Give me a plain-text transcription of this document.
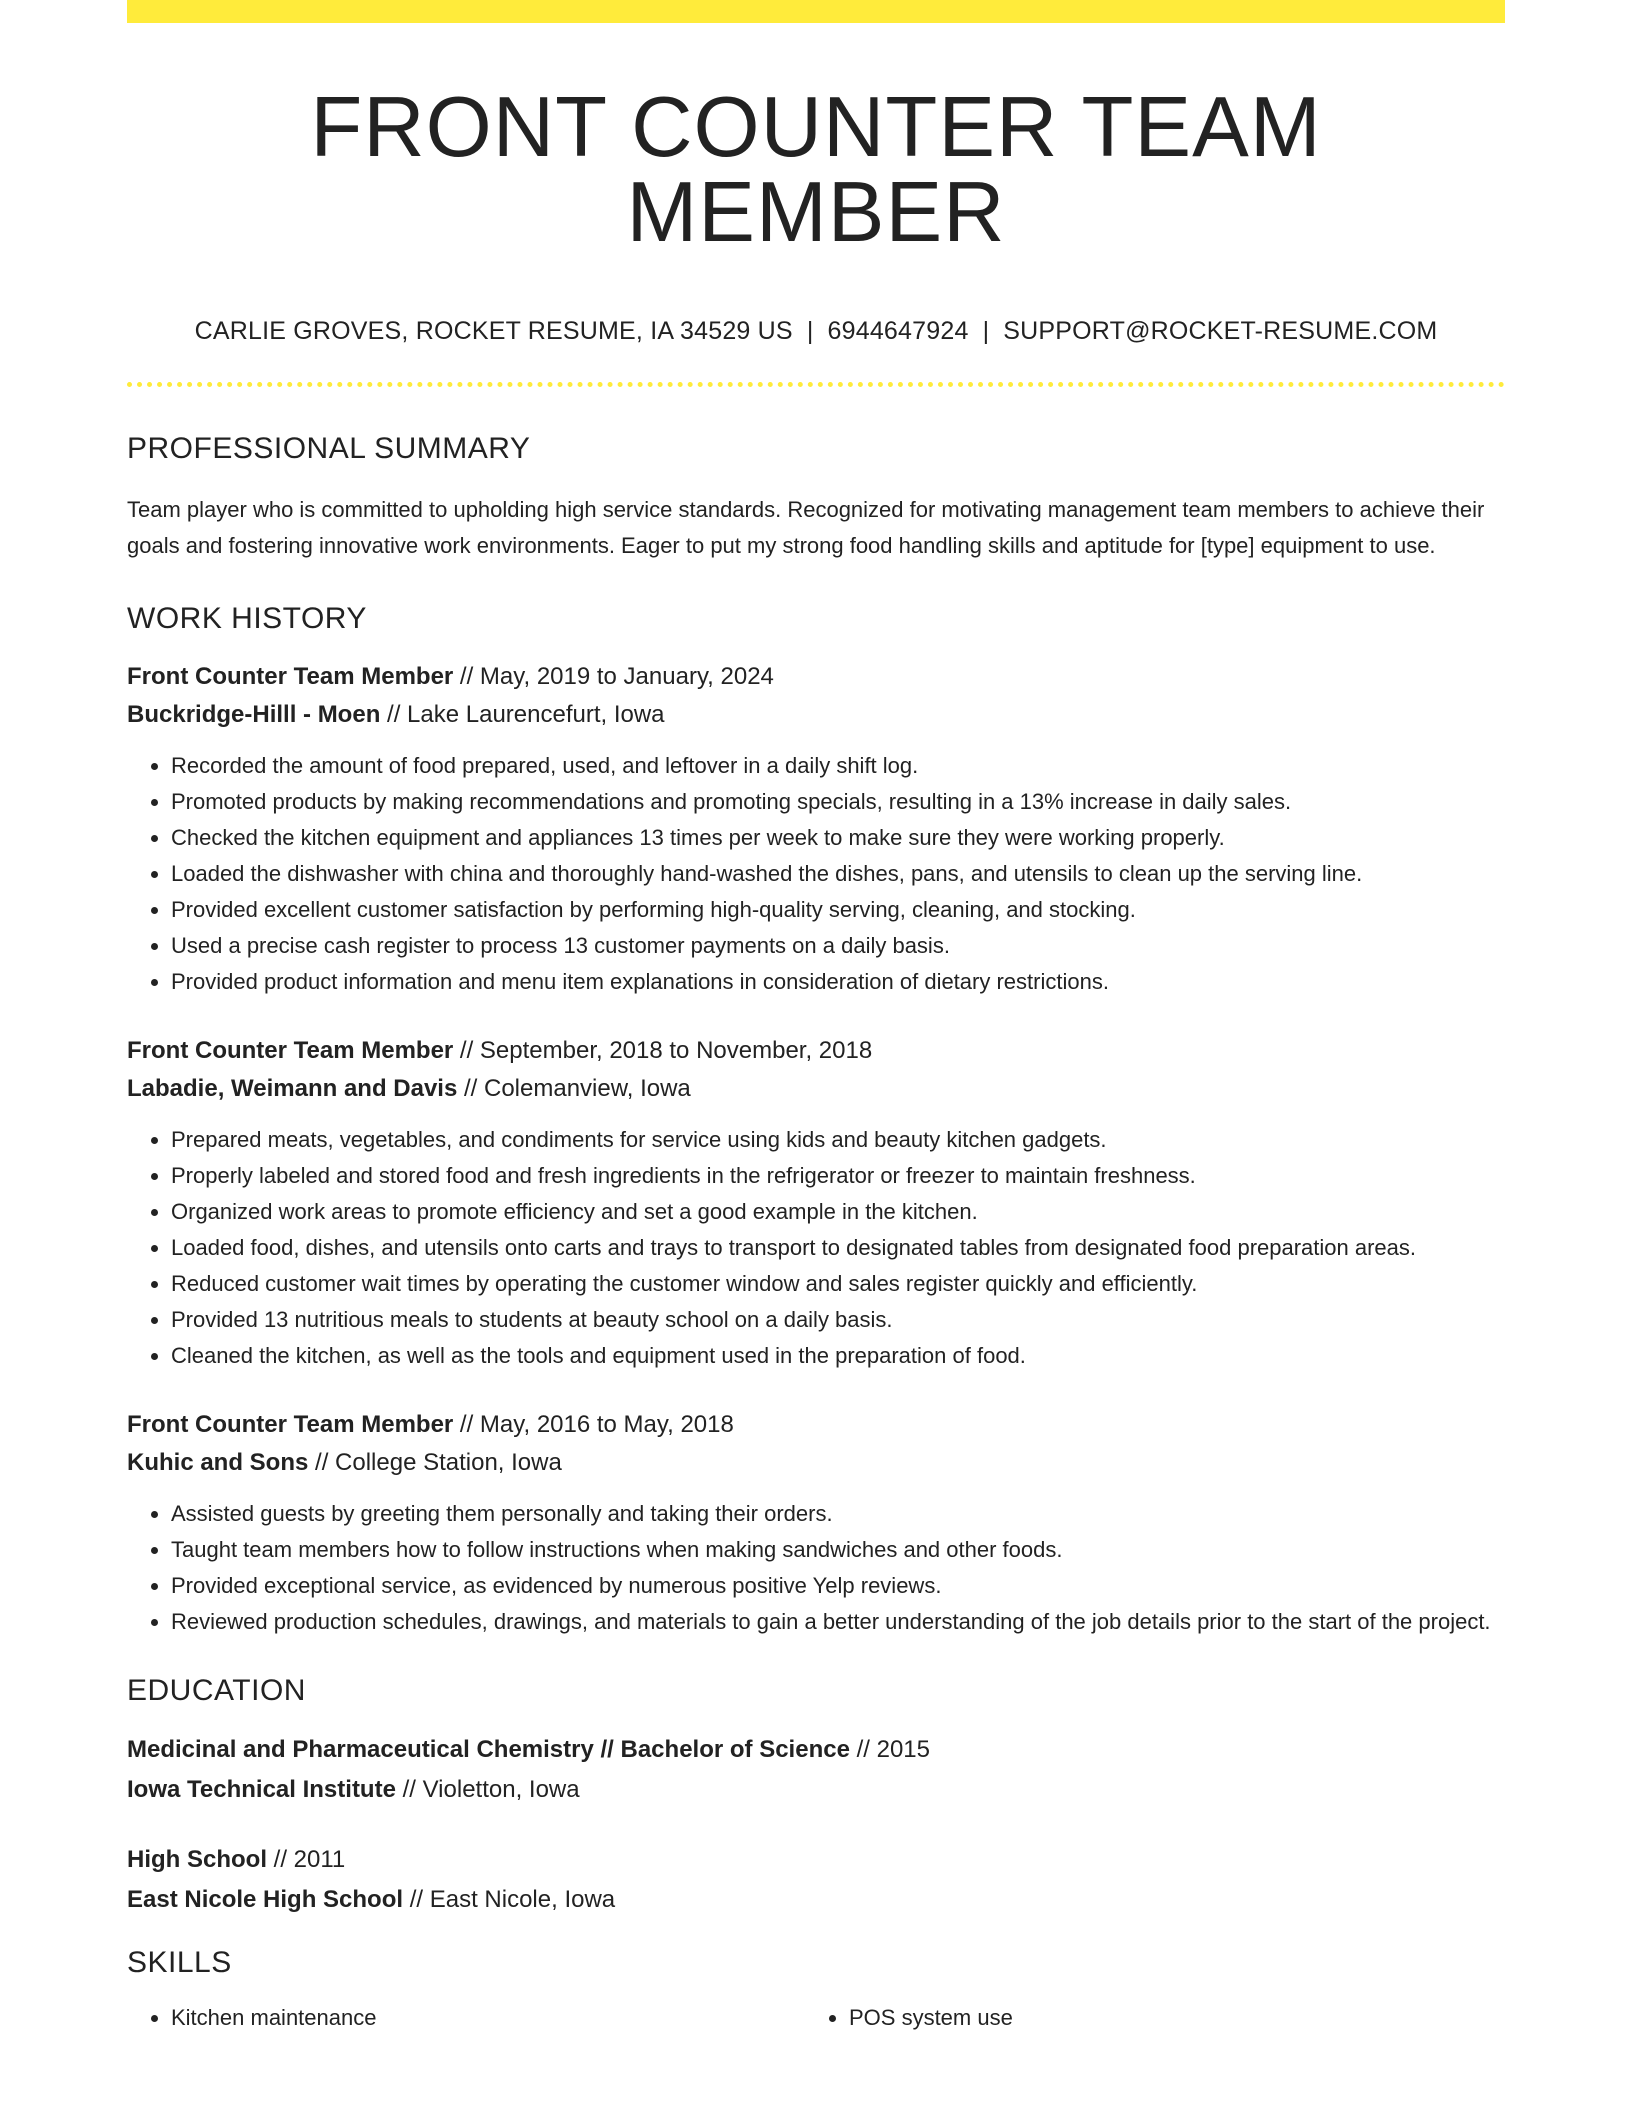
FRONT COUNTER TEAM MEMBER
CARLIE GROVES, ROCKET RESUME, IA 34529 US | 6944647924 | SUPPORT@ROCKET-RESUME.COM
PROFESSIONAL SUMMARY
Team player who is committed to upholding high service standards. Recognized for motivating management team members to achieve their goals and fostering innovative work environments. Eager to put my strong food handling skills and aptitude for [type] equipment to use.
WORK HISTORY
Front Counter Team Member // May, 2019 to January, 2024
Buckridge-Hilll - Moen // Lake Laurencefurt, Iowa
• Recorded the amount of food prepared, used, and leftover in a daily shift log.
• Promoted products by making recommendations and promoting specials, resulting in a 13% increase in daily sales.
• Checked the kitchen equipment and appliances 13 times per week to make sure they were working properly.
• Loaded the dishwasher with china and thoroughly hand-washed the dishes, pans, and utensils to clean up the serving line.
• Provided excellent customer satisfaction by performing high-quality serving, cleaning, and stocking.
• Used a precise cash register to process 13 customer payments on a daily basis.
• Provided product information and menu item explanations in consideration of dietary restrictions.
Front Counter Team Member // September, 2018 to November, 2018
Labadie, Weimann and Davis // Colemanview, Iowa
• Prepared meats, vegetables, and condiments for service using kids and beauty kitchen gadgets.
• Properly labeled and stored food and fresh ingredients in the refrigerator or freezer to maintain freshness.
• Organized work areas to promote efficiency and set a good example in the kitchen.
• Loaded food, dishes, and utensils onto carts and trays to transport to designated tables from designated food preparation areas.
• Reduced customer wait times by operating the customer window and sales register quickly and efficiently.
• Provided 13 nutritious meals to students at beauty school on a daily basis.
• Cleaned the kitchen, as well as the tools and equipment used in the preparation of food.
Front Counter Team Member // May, 2016 to May, 2018
Kuhic and Sons // College Station, Iowa
• Assisted guests by greeting them personally and taking their orders.
• Taught team members how to follow instructions when making sandwiches and other foods.
• Provided exceptional service, as evidenced by numerous positive Yelp reviews.
• Reviewed production schedules, drawings, and materials to gain a better understanding of the job details prior to the start of the project.
EDUCATION
Medicinal and Pharmaceutical Chemistry // Bachelor of Science // 2015
Iowa Technical Institute // Violetton, Iowa
High School // 2011
East Nicole High School // East Nicole, Iowa
SKILLS
• Kitchen maintenance
•	POS system use
